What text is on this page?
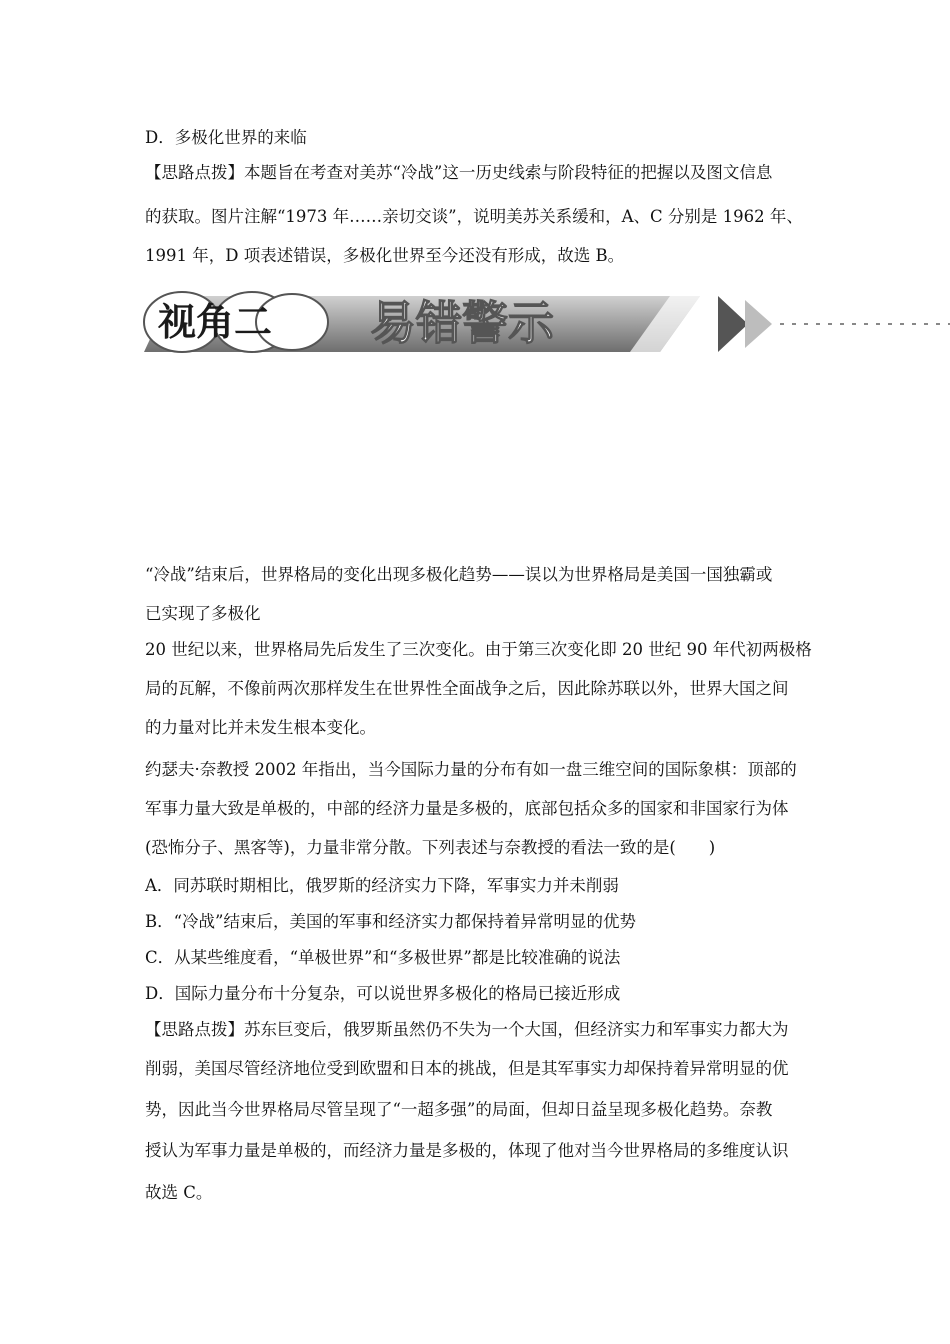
D．多极化世界的来临
【思路点拨】本题旨在考查对美苏“冷战”这一历史线索与阶段特征的把握以及图文信息
的获取。图片注解“1973 年……亲切交谈”，说明美苏关系缓和，A、C 分别是 1962 年、
1991 年，D 项表述错误，多极化世界至今还没有形成，故选 B。
视角二 易错警示
“冷战”结束后，世界格局的变化出现多极化趋势——误以为世界格局是美国一国独霸或
已实现了多极化
20 世纪以来，世界格局先后发生了三次变化。由于第三次变化即 20 世纪 90 年代初两极格
局的瓦解，不像前两次那样发生在世界性全面战争之后，因此除苏联以外，世界大国之间
的力量对比并未发生根本变化。
约瑟夫·奈教授 2002 年指出，当今国际力量的分布有如一盘三维空间的国际象棋：顶部的
军事力量大致是单极的，中部的经济力量是多极的，底部包括众多的国家和非国家行为体
(恐怖分子、黑客等)，力量非常分散。下列表述与奈教授的看法一致的是(　　)
A．同苏联时期相比，俄罗斯的经济实力下降，军事实力并未削弱
B．“冷战”结束后，美国的军事和经济实力都保持着异常明显的优势
C．从某些维度看，“单极世界”和“多极世界”都是比较准确的说法
D．国际力量分布十分复杂，可以说世界多极化的格局已接近形成
【思路点拨】苏东巨变后，俄罗斯虽然仍不失为一个大国，但经济实力和军事实力都大为
削弱，美国尽管经济地位受到欧盟和日本的挑战，但是其军事实力却保持着异常明显的优
势，因此当今世界格局尽管呈现了“一超多强”的局面，但却日益呈现多极化趋势。奈教
授认为军事力量是单极的，而经济力量是多极的，体现了他对当今世界格局的多维度认识
故选 C。
